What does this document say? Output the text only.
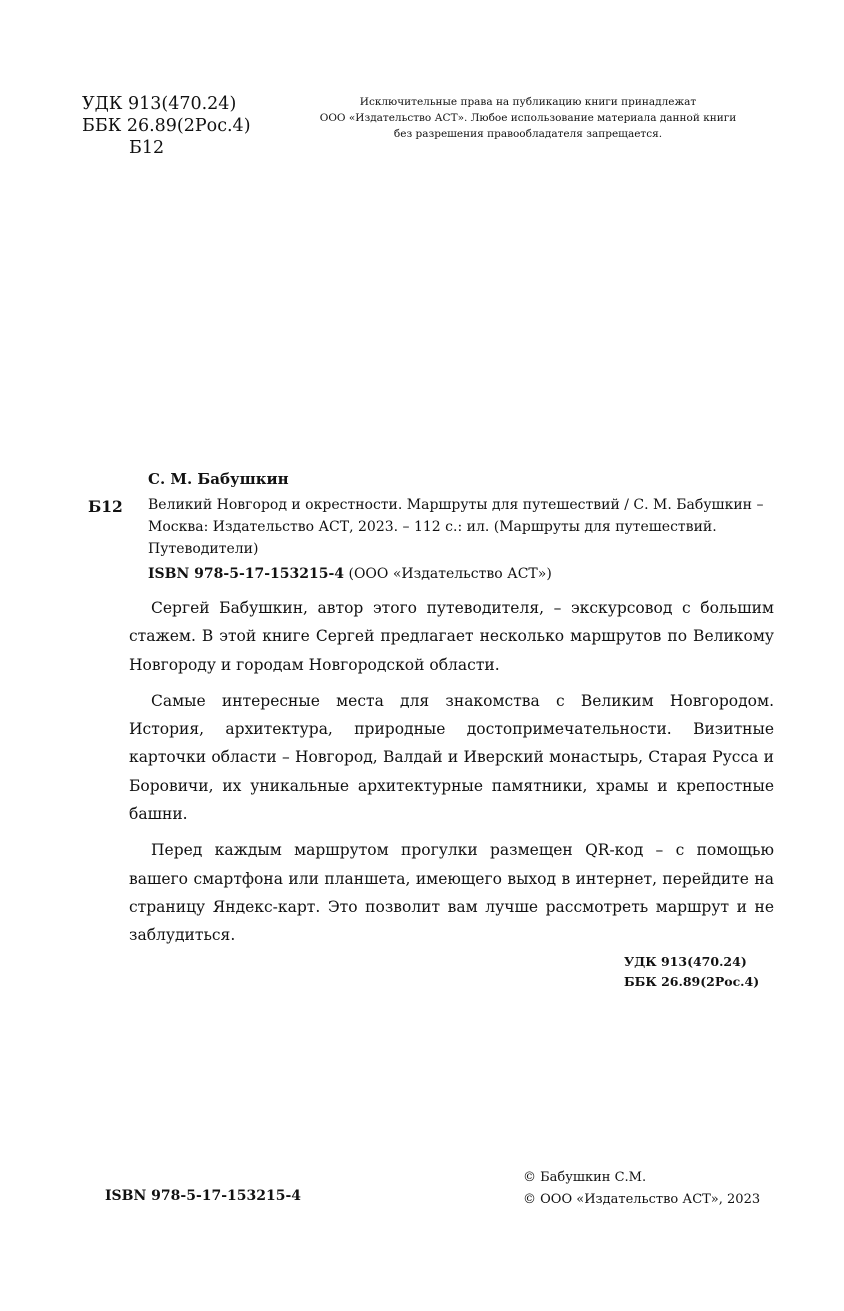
УДК 913(470.24)
ББК 26.89(2Рос.4)
Б12
Исключительные права на публикацию книги принадлежат
ООО «Издательство АСТ». Любое использование материала данной книги
без разрешения правообладателя запрещается.
С. М. Бабушкин
Б12 Великий Новгород и окрестности. Маршруты для путешествий / С. М. Бабушкин – Москва: Издательство АСТ, 2023. – 112 с.: ил. (Маршруты для путешествий. Путеводители)
ISBN 978-5-17-153215-4 (ООО «Издательство АСТ»)

Сергей Бабушкин, автор этого путеводителя, – экскурсовод с большим стажем. В этой книге Сергей предлагает несколько маршрутов по Великому Новгороду и городам Новгородской области.

Самые интересные места для знакомства с Великим Новгородом. История, архитектура, природные достопримечательности. Визитные карточки области – Новгород, Валдай и Иверский монастырь, Старая Русса и Боровичи, их уникальные архитектурные памятники, храмы и крепостные башни.

Перед каждым маршрутом прогулки размещен QR-код – с помощью вашего смартфона или планшета, имеющего выход в интернет, перейдите на страницу Яндекс-карт. Это позволит вам лучше рассмотреть маршрут и не заблудиться.

УДК 913(470.24)
ББК 26.89(2Рос.4)
ISBN 978-5-17-153215-4
© Бабушкин С.М.
© ООО «Издательство АСТ», 2023
